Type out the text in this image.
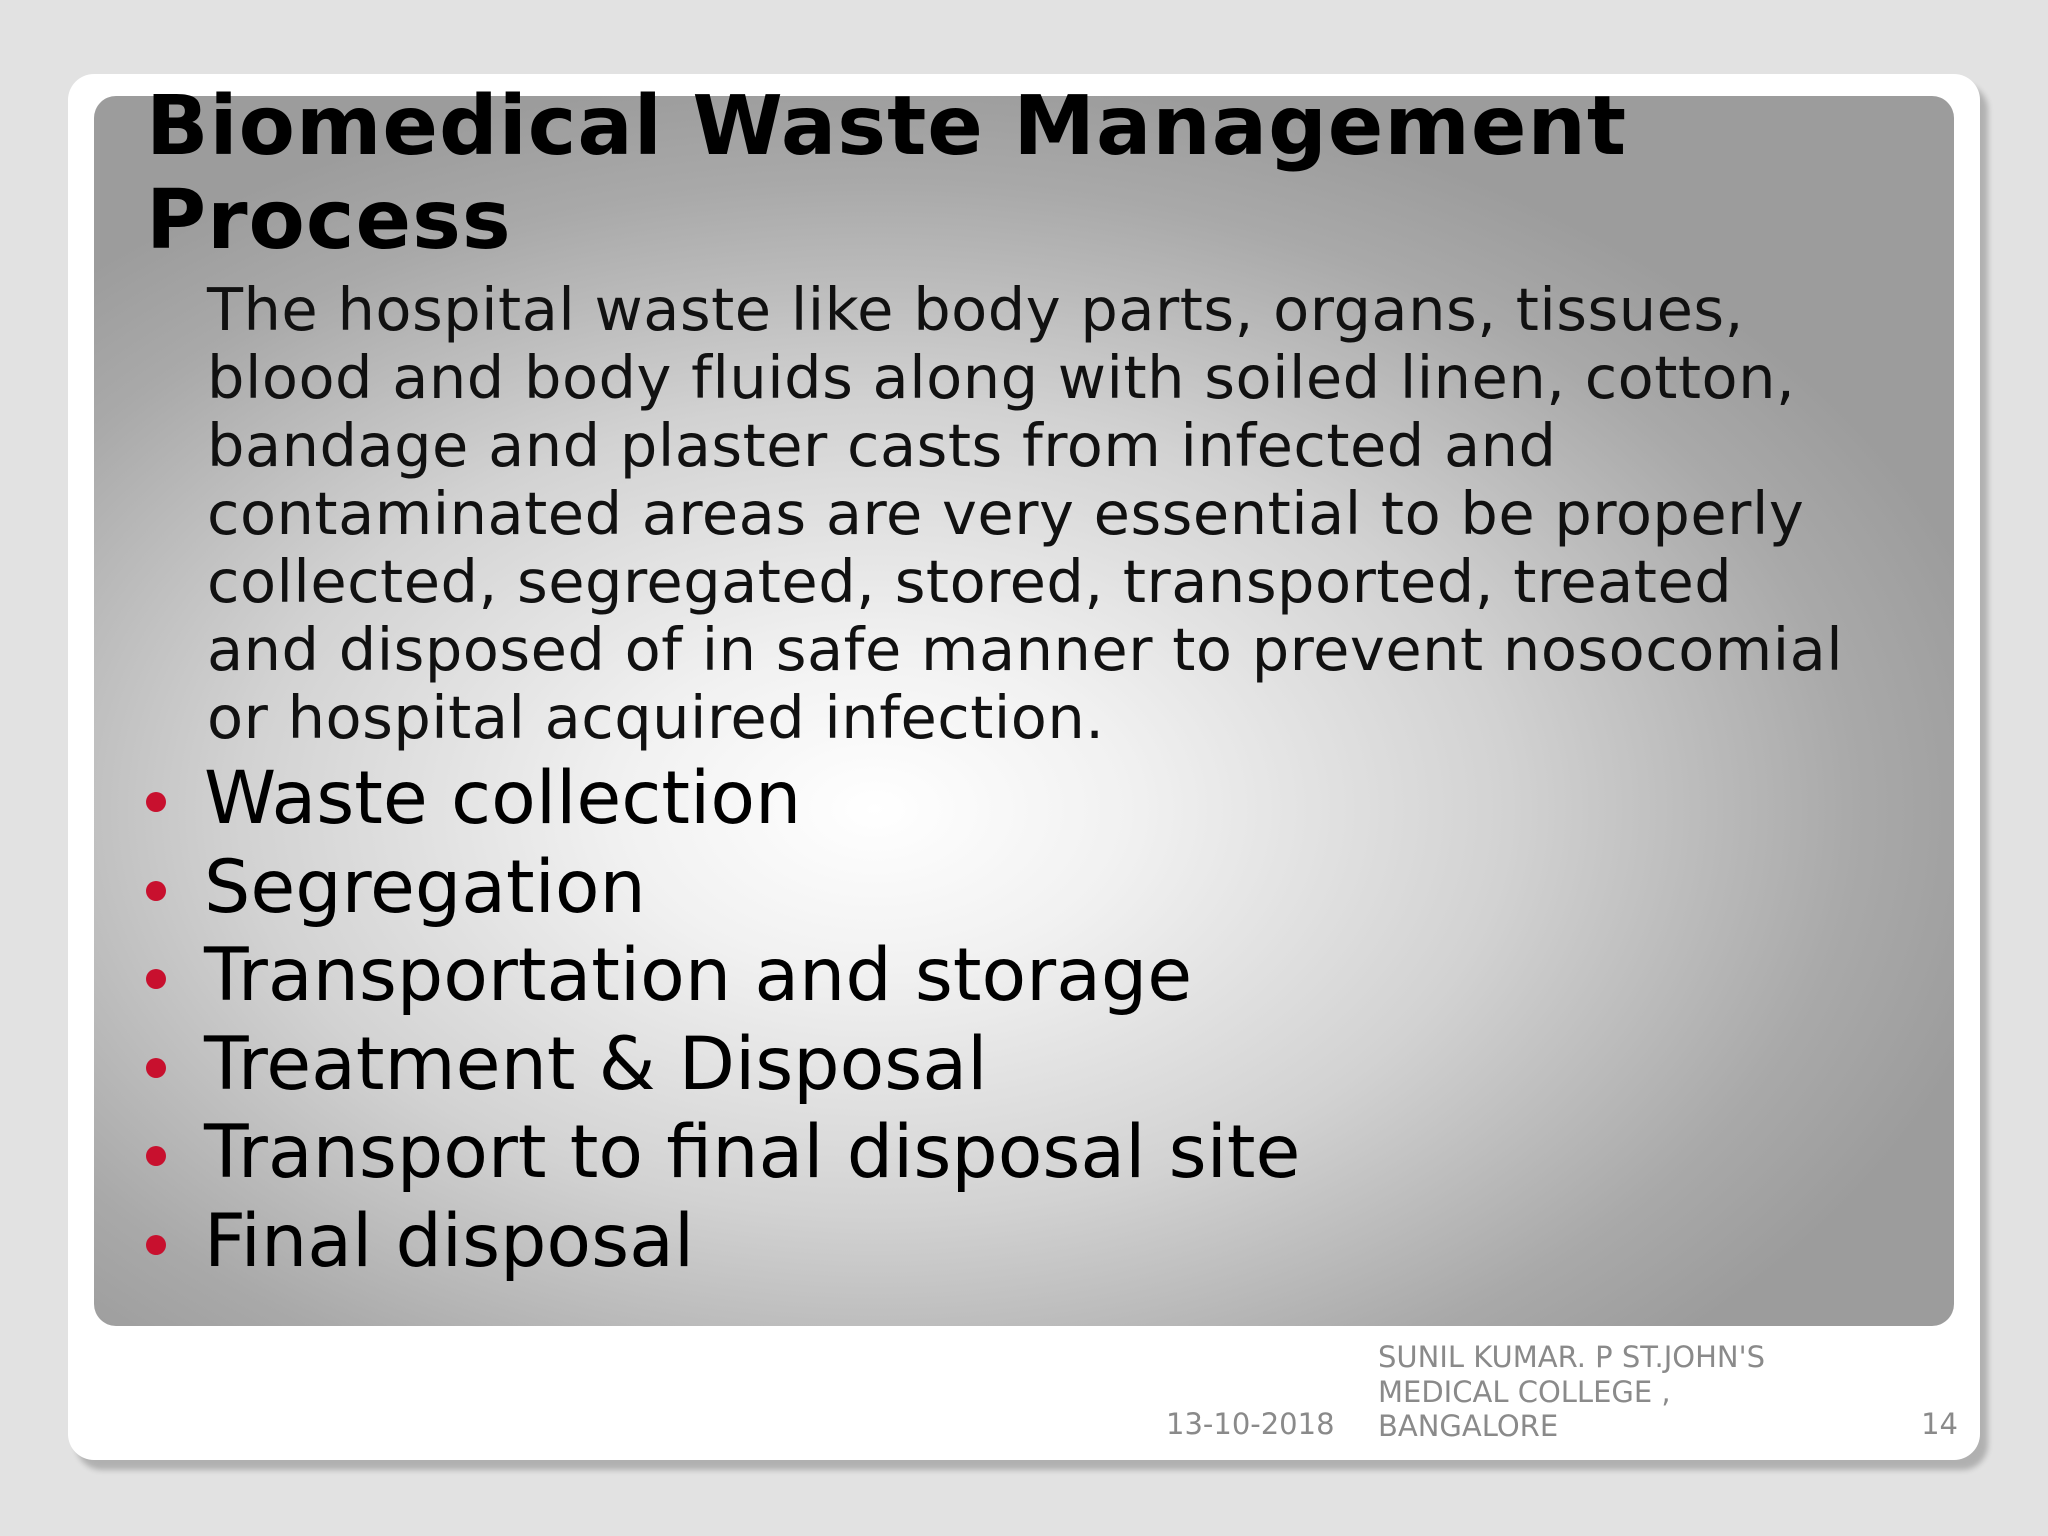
Biomedical Waste Management
Process

The hospital waste like body parts, organs, tissues,
blood and body fluids along with soiled linen, cotton,
bandage and plaster casts from infected and
contaminated areas are very essential to be properly
collected, segregated, stored, transported, treated
and disposed of in safe manner to prevent nosocomial
or hospital acquired infection.

Waste collection
Segregation
Transportation and storage
Treatment & Disposal
Transport to final disposal site
Final disposal
13-10-2018
SUNIL KUMAR. P ST.JOHN'S
MEDICAL COLLEGE ,
BANGALORE	14
